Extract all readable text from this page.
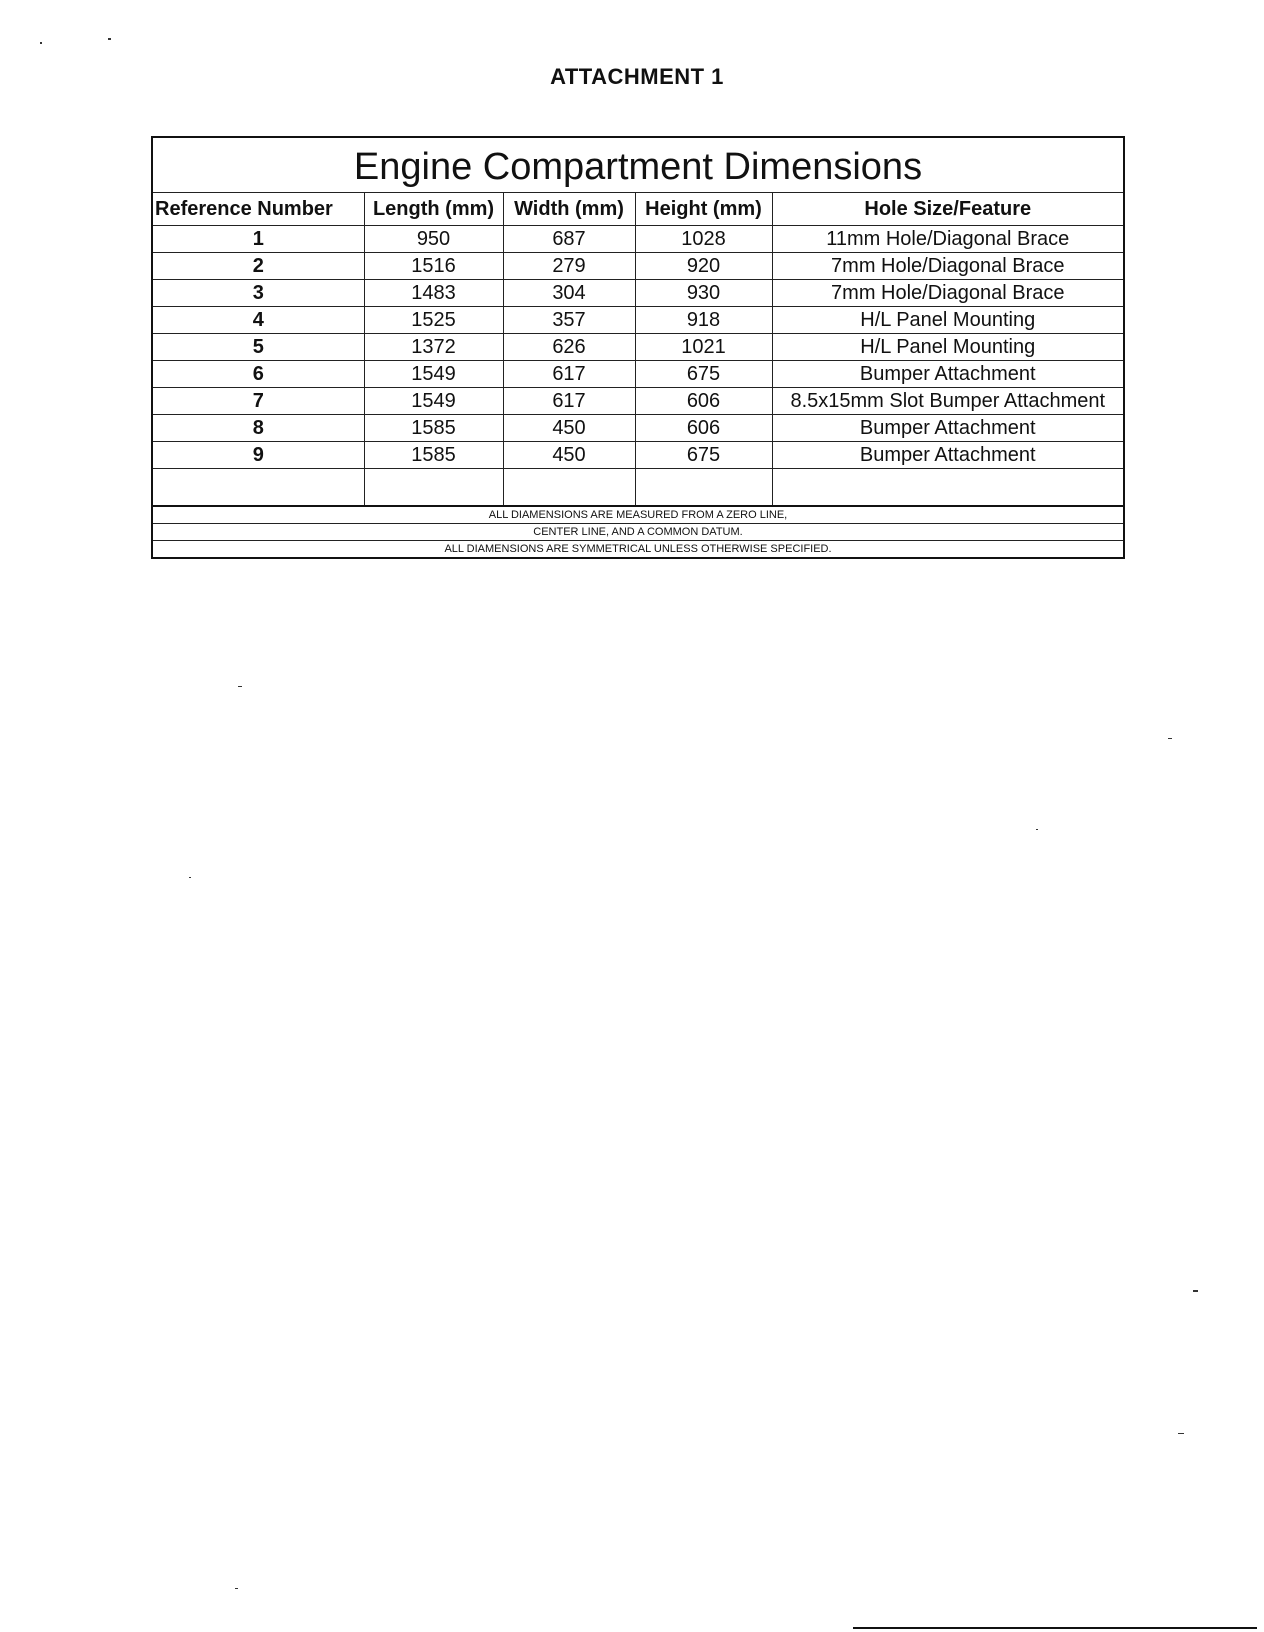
ATTACHMENT 1
Engine Compartment Dimensions
Reference Number	Length (mm)	Width (mm)	Height (mm)	Hole Size/Feature
1	950	687	1028	11mm Hole/Diagonal Brace
2	1516	279	920	7mm Hole/Diagonal Brace
3	1483	304	930	7mm Hole/Diagonal Brace
4	1525	357	918	H/L Panel Mounting
5	1372	626	1021	H/L Panel Mounting
6	1549	617	675	Bumper Attachment
7	1549	617	606	8.5x15mm Slot Bumper Attachment
8	1585	450	606	Bumper Attachment
9	1585	450	675	Bumper Attachment

ALL DIAMENSIONS ARE MEASURED FROM A ZERO LINE,
CENTER LINE, AND A COMMON DATUM.
ALL DIAMENSIONS ARE SYMMETRICAL UNLESS OTHERWISE SPECIFIED.
